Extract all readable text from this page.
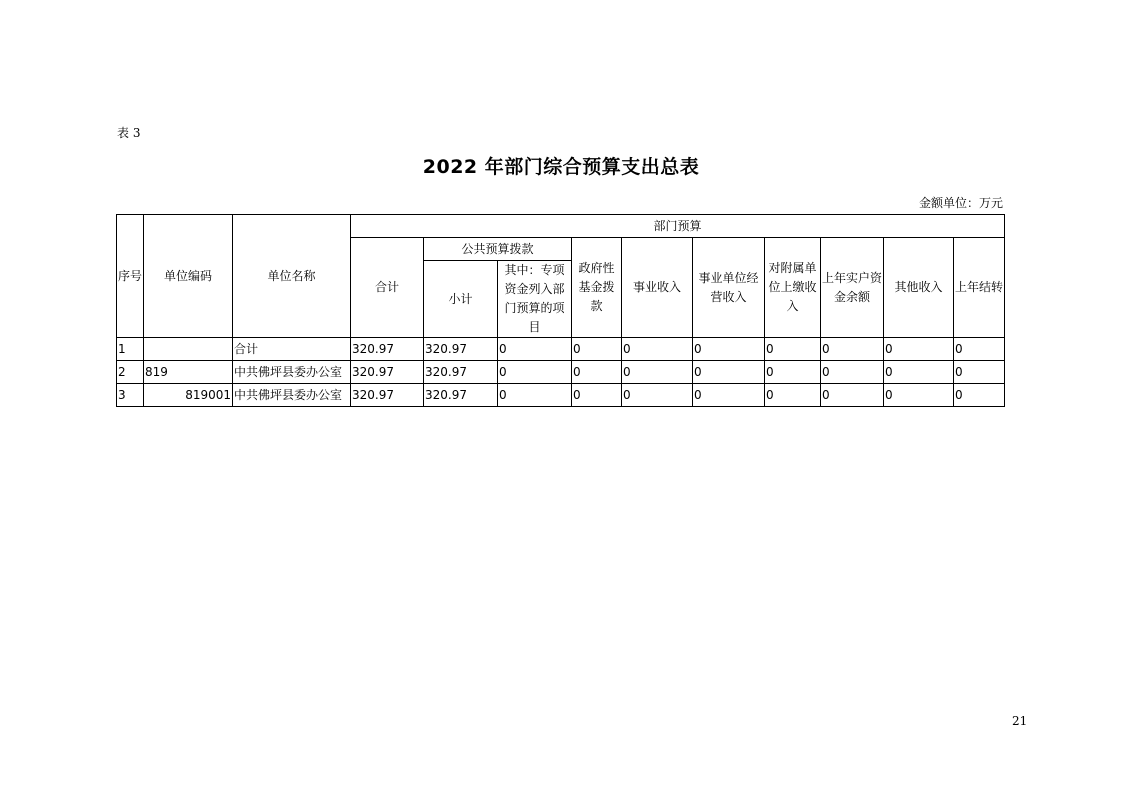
表 3
2022 年部门综合预算支出总表
金额单位：万元
序号	单位编码	单位名称	部门预算									
			合计	公共预算拨款		政府性基金拨款	事业收入	事业单位经营收入	对附属单位上缴收入	上年实户资金余额	其他收入	上年结转
				小计	其中：专项资金列入部门预算的项目							
1		合计	320.97	320.97	0	0	0	0	0	0	0	0
2	819	中共佛坪县委办公室	320.97	320.97	0	0	0	0	0	0	0	0
3	819001	中共佛坪县委办公室	320.97	320.97	0	0	0	0	0	0	0	0
21
